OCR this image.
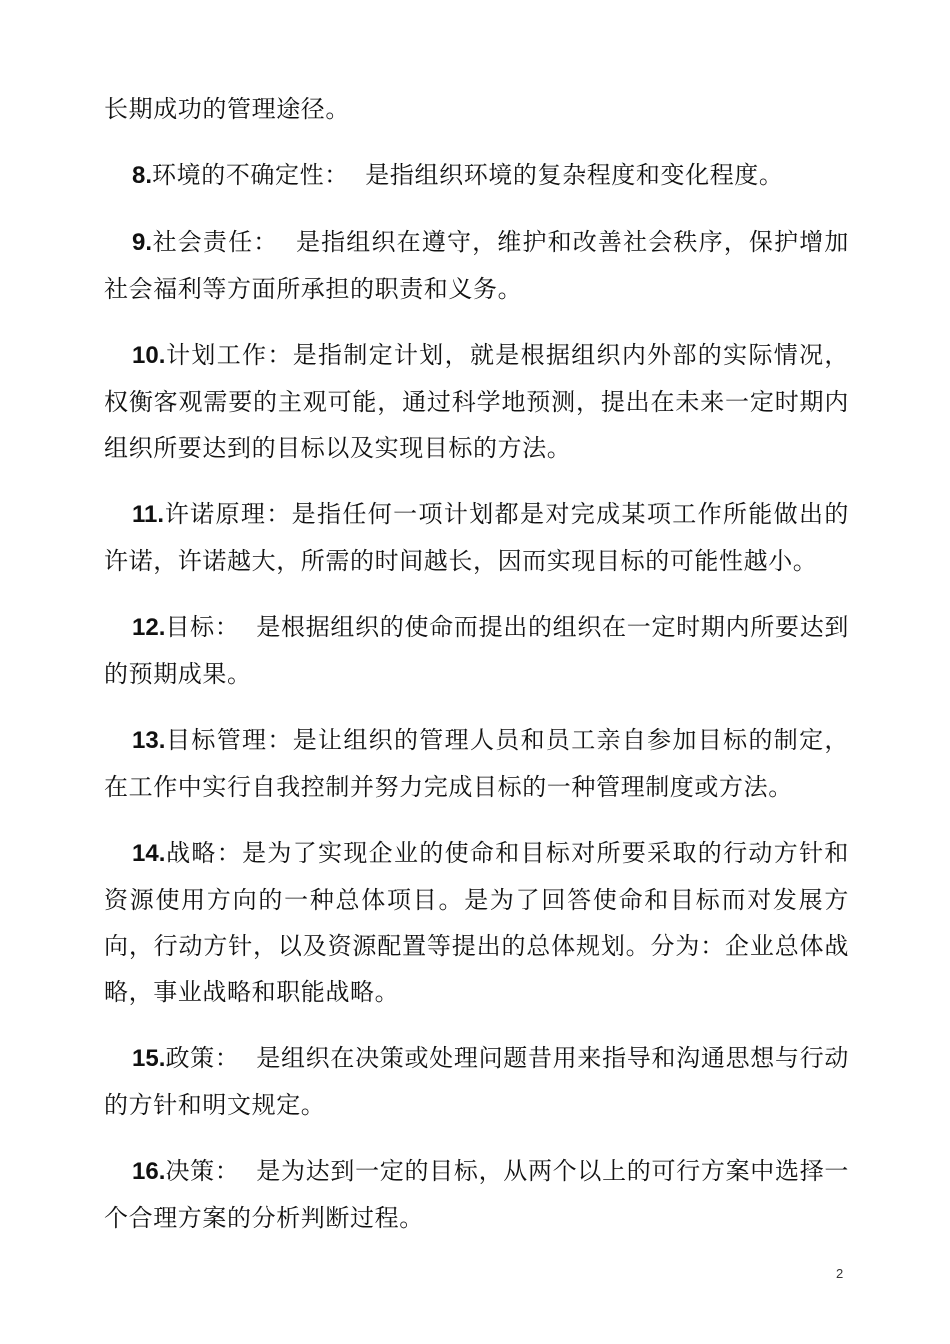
长期成功的管理途径。

8.环境的不确定性： 是指组织环境的复杂程度和变化程度。

9.社会责任： 是指组织在遵守，维护和改善社会秩序，保护增加社会福利等方面所承担的职责和义务。

10.计划工作：是指制定计划，就是根据组织内外部的实际情况，权衡客观需要的主观可能，通过科学地预测，提出在未来一定时期内组织所要达到的目标以及实现目标的方法。

11.许诺原理：是指任何一项计划都是对完成某项工作所能做出的许诺，许诺越大，所需的时间越长，因而实现目标的可能性越小。

12.目标： 是根据组织的使命而提出的组织在一定时期内所要达到的预期成果。

13.目标管理：是让组织的管理人员和员工亲自参加目标的制定，在工作中实行自我控制并努力完成目标的一种管理制度或方法。

14.战略：是为了实现企业的使命和目标对所要采取的行动方针和资源使用方向的一种总体项目。是为了回答使命和目标而对发展方向，行动方针，以及资源配置等提出的总体规划。分为：企业总体战略，事业战略和职能战略。

15.政策： 是组织在决策或处理问题昔用来指导和沟通思想与行动的方针和明文规定。

16.决策： 是为达到一定的目标，从两个以上的可行方案中选择一个合理方案的分析判断过程。

2
